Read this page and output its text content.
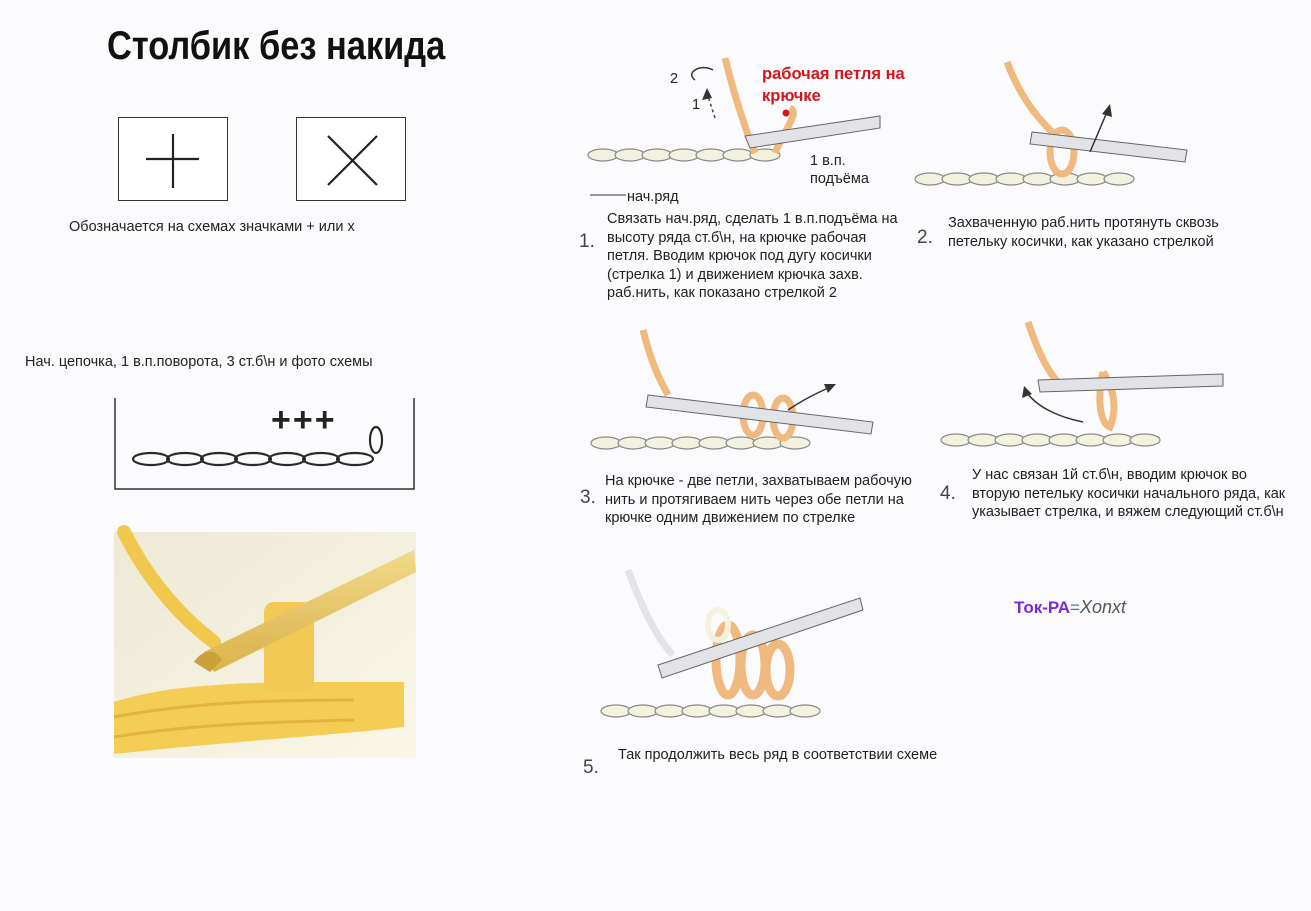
Столбик без накида
Обозначается на схемах значками + или х
Нач. цепочка, 1 в.п.поворота, 3 ст.б\н и фото схемы
+++
2
1
рабочая петля на
крючке
1 в.п.
подъёма
нач.ряд
1.
Связать нач.ряд, сделать 1 в.п.подъёма на высоту ряда ст.б\н, на крючке рабочая петля. Вводим крючок под дугу косички (стрелка 1) и движением крючка захв. раб.нить, как показано стрелкой 2
2.
Захваченную раб.нить протянуть сквозь петельку косички, как указано стрелкой
3.
На крючке - две петли, захватываем рабочую нить и протягиваем нить через обе петли на крючке одним движением по стрелке
4.
У нас связан 1й ст.б\н, вводим крючок во вторую петельку косички начального ряда, как указывает стрелка, и вяжем следующий ст.б\н
5.
Так продолжить весь ряд в соответствии схеме
Ток-РА=Xonxt
